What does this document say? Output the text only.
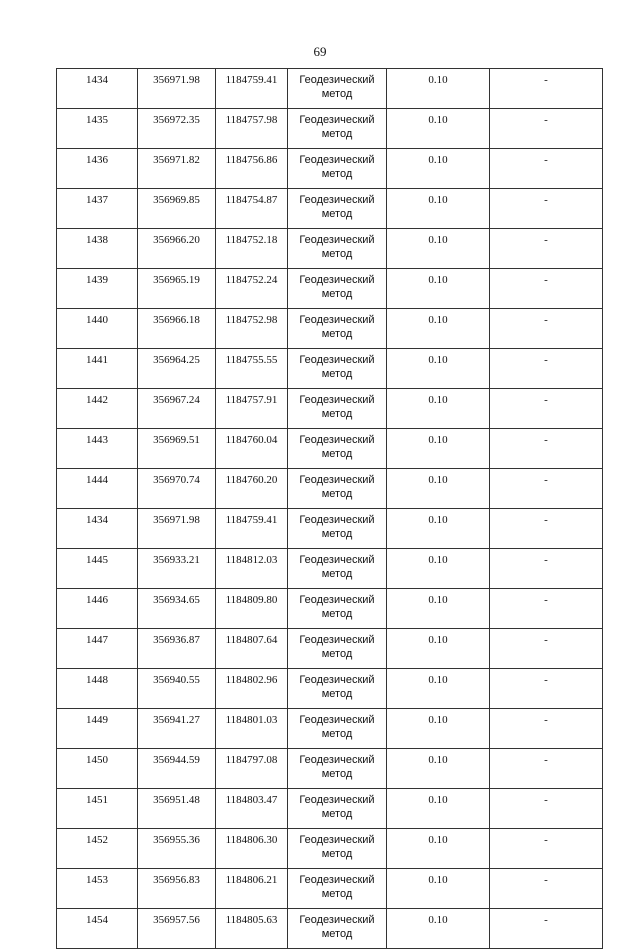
69
1434	356971.98	1184759.41	Геодезический метод	0.10	-
1435	356972.35	1184757.98	Геодезический метод	0.10	-
1436	356971.82	1184756.86	Геодезический метод	0.10	-
1437	356969.85	1184754.87	Геодезический метод	0.10	-
1438	356966.20	1184752.18	Геодезический метод	0.10	-
1439	356965.19	1184752.24	Геодезический метод	0.10	-
1440	356966.18	1184752.98	Геодезический метод	0.10	-
1441	356964.25	1184755.55	Геодезический метод	0.10	-
1442	356967.24	1184757.91	Геодезический метод	0.10	-
1443	356969.51	1184760.04	Геодезический метод	0.10	-
1444	356970.74	1184760.20	Геодезический метод	0.10	-
1434	356971.98	1184759.41	Геодезический метод	0.10	-
1445	356933.21	1184812.03	Геодезический метод	0.10	-
1446	356934.65	1184809.80	Геодезический метод	0.10	-
1447	356936.87	1184807.64	Геодезический метод	0.10	-
1448	356940.55	1184802.96	Геодезический метод	0.10	-
1449	356941.27	1184801.03	Геодезический метод	0.10	-
1450	356944.59	1184797.08	Геодезический метод	0.10	-
1451	356951.48	1184803.47	Геодезический метод	0.10	-
1452	356955.36	1184806.30	Геодезический метод	0.10	-
1453	356956.83	1184806.21	Геодезический метод	0.10	-
1454	356957.56	1184805.63	Геодезический метод	0.10	-
